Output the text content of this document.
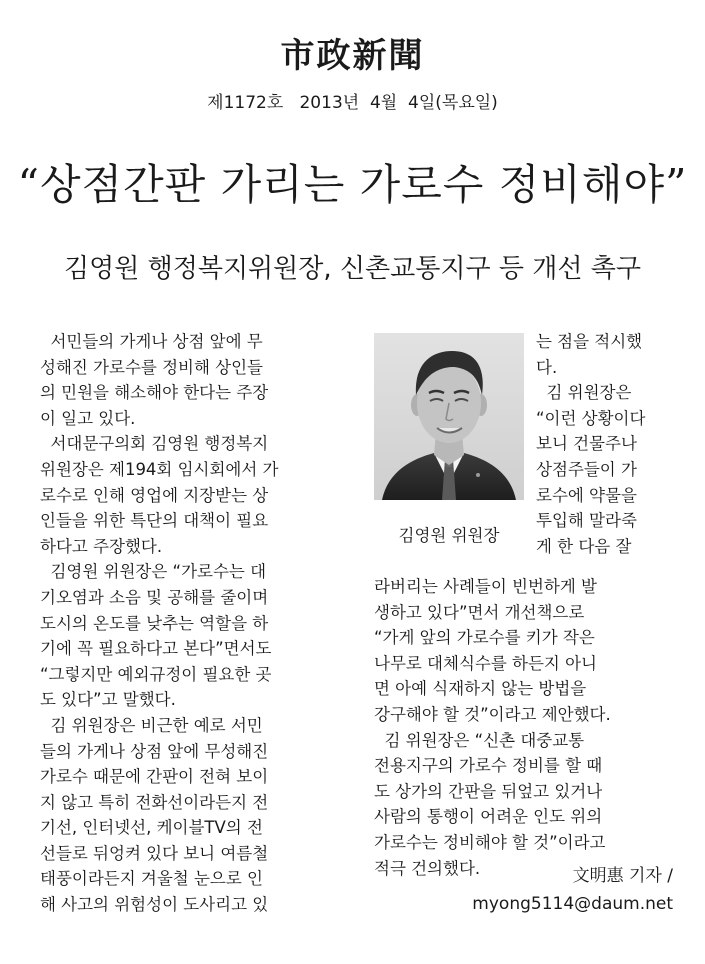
市政新聞
제1172호   2013년  4월  4일(목요일)
“상점간판 가리는 가로수 정비해야”
김영원 행정복지위원장, 신촌교통지구 등 개선 촉구
서민들의 가게나 상점 앞에 무
성해진 가로수를 정비해 상인들
의 민원을 해소해야 한다는 주장
이 일고 있다.
서대문구의회 김영원 행정복지
위원장은 제194회 임시회에서 가
로수로 인해 영업에 지장받는 상
인들을 위한 특단의 대책이 필요
하다고 주장했다.
김영원 위원장은 “가로수는 대
기오염과 소음 및 공해를 줄이며
도시의 온도를 낮추는 역할을 하
기에 꼭 필요하다고 본다”면서도
“그렇지만 예외규정이 필요한 곳
도 있다”고 말했다.
김 위원장은 비근한 예로 서민
들의 가게나 상점 앞에 무성해진
가로수 때문에 간판이 전혀 보이
지 않고 특히 전화선이라든지 전
기선, 인터넷선, 케이블TV의 전
선들로 뒤엉켜 있다 보니 여름철
태풍이라든지 겨울철 눈으로 인
해 사고의 위험성이 도사리고 있
는 점을 적시했
다.
김 위원장은
“이런 상황이다
보니 건물주나
상점주들이 가
로수에 약물을
투입해 말라죽
게 한 다음 잘
라버리는 사례들이 빈번하게 발
생하고 있다”면서 개선책으로
“가게 앞의 가로수를 키가 작은
나무로 대체식수를 하든지 아니
면 아예 식재하지 않는 방법을
강구해야 할 것”이라고 제안했다.
김 위원장은 “신촌 대중교통
전용지구의 가로수 정비를 할 때
도 상가의 간판을 뒤엎고 있거나
사람의 통행이 어려운 인도 위의
가로수는 정비해야 할 것”이라고
적극 건의했다.
김영원 위원장
文明惠 기자 /
myong5114@daum.net
